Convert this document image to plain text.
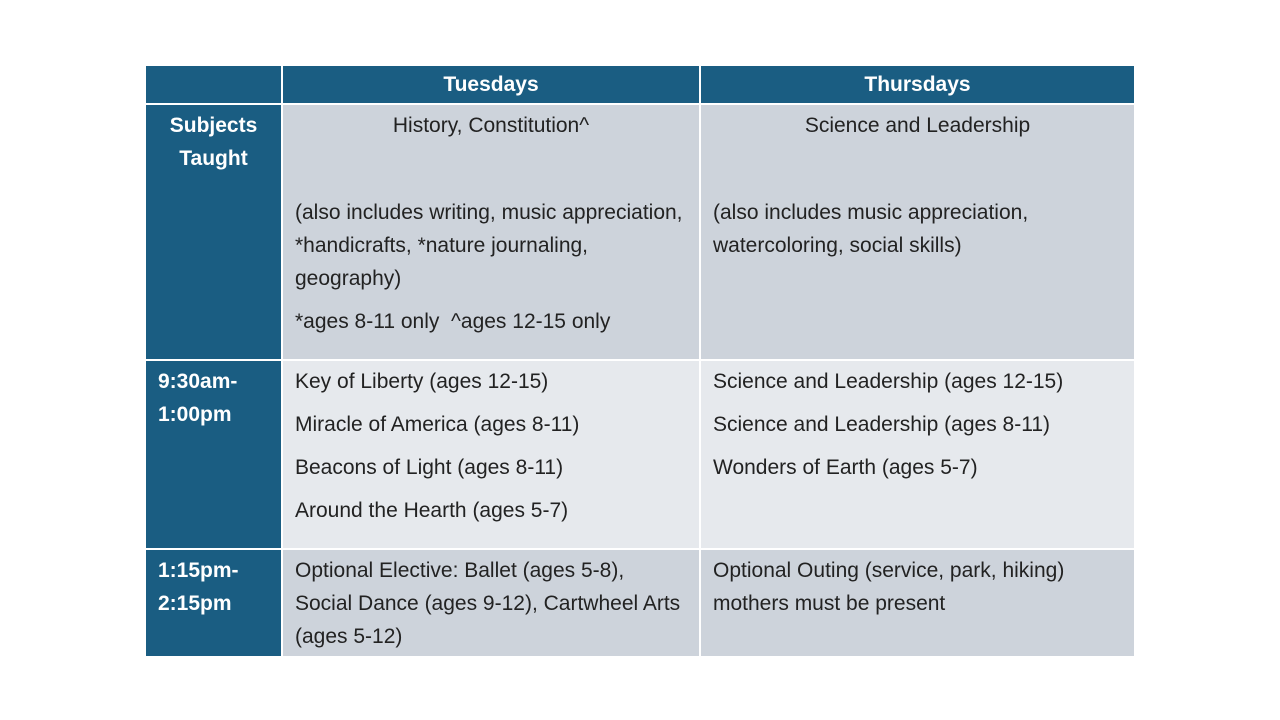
Tuesdays	Thursdays
Subjects
Taught

History, Constitution^

(also includes writing, music appreciation, *handicrafts, *nature journaling, geography)

*ages 8-11 only  ^ages 12-15 only

Science and Leadership

(also includes music appreciation, watercoloring, social skills)

9:30am-
1:00pm

Key of Liberty (ages 12-15)

Miracle of America (ages 8-11)

Beacons of Light (ages 8-11)

Around the Hearth (ages 5-7)

Science and Leadership (ages 12-15)

Science and Leadership (ages 8-11)

Wonders of Earth (ages 5-7)

1:15pm-
2:15pm

Optional Elective: Ballet (ages 5-8), Social Dance (ages 9-12), Cartwheel Arts (ages 5-12)

Optional Outing (service, park, hiking) mothers must be present
